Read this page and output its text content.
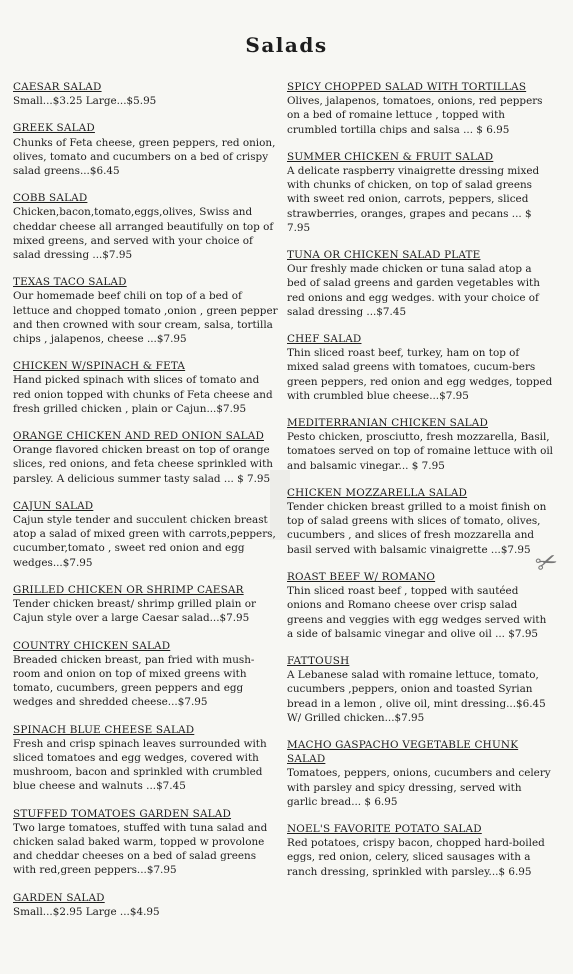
Salads
CAESAR SALAD
Small...$3.25 Large...$5.95
GREEK SALAD
Chunks of Feta cheese, green peppers, red onion, olives, tomato and cucumbers on a bed of crispy salad greens...$6.45
COBB SALAD
Chicken,bacon,tomato,eggs,olives, Swiss and cheddar cheese all arranged beautifully on top of mixed greens, and served with your choice of salad dressing ...$7.95
TEXAS TACO SALAD
Our homemade beef chili on top of a bed of lettuce and chopped tomato ,onion , green pepper and then crowned with sour cream, salsa, tortilla chips , jalapenos, cheese ...$7.95
CHICKEN W/SPINACH & FETA
Hand picked spinach with slices of tomato and red onion topped with chunks of Feta cheese and fresh grilled chicken , plain or Cajun...$7.95
ORANGE CHICKEN AND RED ONION SALAD
Orange flavored chicken breast on top of orange slices, red onions, and feta cheese sprinkled with parsley. A delicious summer tasty salad ... $ 7.95
CAJUN SALAD
Cajun style tender and succulent chicken breast atop a salad of mixed green with carrots,peppers, cucumber,tomato , sweet red onion and egg wedges...$7.95
GRILLED CHICKEN OR SHRIMP CAESAR
Tender chicken breast/ shrimp grilled plain or Cajun style over a large Caesar salad...$7.95
COUNTRY CHICKEN SALAD
Breaded chicken breast, pan fried with mush-room and onion on top of mixed greens with tomato, cucumbers, green peppers and egg wedges and shredded cheese...$7.95
SPINACH BLUE CHEESE SALAD
Fresh and crisp spinach leaves surrounded with sliced tomatoes and egg wedges, covered with mushroom, bacon and sprinkled with crumbled blue cheese and walnuts ...$7.45
STUFFED TOMATOES GARDEN SALAD
Two large tomatoes, stuffed with tuna salad and chicken salad baked warm, topped w provolone and cheddar cheeses on a bed of salad greens with red,green peppers...$7.95
GARDEN SALAD
Small...$2.95 Large ...$4.95
SPICY CHOPPED SALAD WITH TORTILLAS
Olives, jalapenos, tomatoes, onions, red peppers on a bed of romaine lettuce , topped with crumbled tortilla chips and salsa ... $ 6.95
SUMMER CHICKEN & FRUIT SALAD
A delicate raspberry vinaigrette dressing mixed with chunks of chicken, on top of salad greens with sweet red onion, carrots, peppers, sliced strawberries, oranges, grapes and pecans ... $ 7.95
TUNA OR CHICKEN SALAD PLATE
Our freshly made chicken or tuna salad atop a bed of salad greens and garden vegetables with red onions and egg wedges. with your choice of salad dressing ...$7.45
CHEF SALAD
Thin sliced roast beef, turkey, ham on top of mixed salad greens with tomatoes, cucum-bers green peppers, red onion and egg wedges, topped with crumbled blue cheese...$7.95
MEDITERRANIAN CHICKEN SALAD
Pesto chicken, prosciutto, fresh mozzarella, Basil, tomatoes served on top of romaine lettuce with oil and balsamic vinegar... $ 7.95
CHICKEN MOZZARELLA SALAD
Tender chicken breast grilled to a moist finish on top of salad greens with slices of tomato, olives, cucumbers , and slices of fresh mozzarella and basil served with balsamic vinaigrette ...$7.95
ROAST BEEF W/ ROMANO
Thin sliced roast beef , topped with sautéed onions and Romano cheese over crisp salad greens and veggies with egg wedges served with a side of balsamic vinegar and olive oil ... $7.95
FATTOUSH
A Lebanese salad with romaine lettuce, tomato, cucumbers ,peppers, onion and toasted Syrian bread in a lemon , olive oil, mint dressing...$6.45
W/ Grilled chicken...$7.95
MACHO GASPACHO VEGETABLE CHUNK SALAD
Tomatoes, peppers, onions, cucumbers and celery with parsley and spicy dressing, served with garlic bread... $ 6.95
NOEL'S FAVORITE POTATO SALAD
Red potatoes, crispy bacon, chopped hard-boiled eggs, red onion, celery, sliced sausages with a ranch dressing, sprinkled with parsley...$ 6.95
✂
